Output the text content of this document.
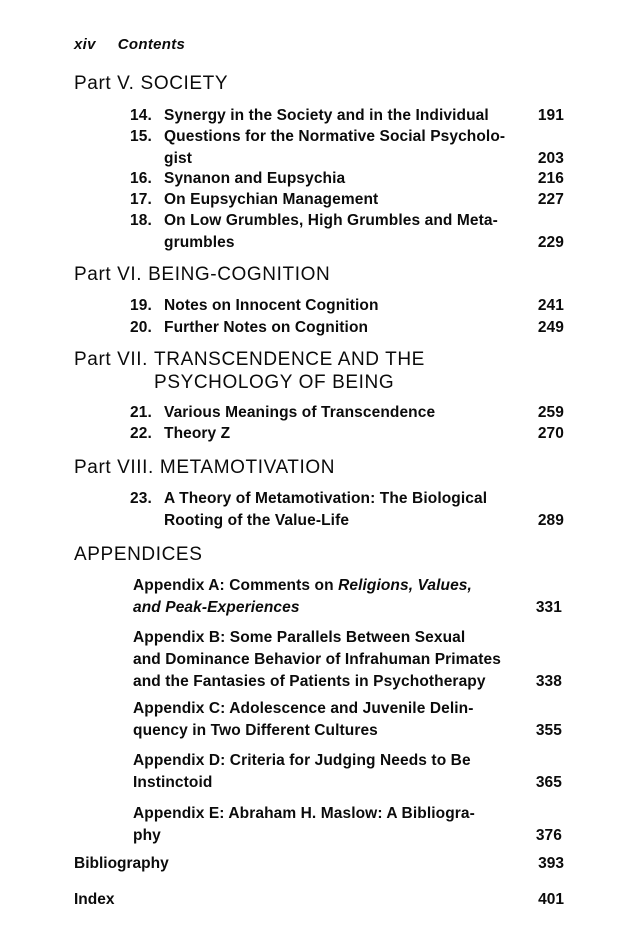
xiv Contents
Part V. SOCIETY
14. Synergy in the Society and in the Individual	191
15. Questions for the Normative Social Psycholo-
gist	203
16. Synanon and Eupsychia	216
17. On Eupsychian Management	227
18. On Low Grumbles, High Grumbles and Meta-
grumbles	229
Part VI. BEING-COGNITION
19. Notes on Innocent Cognition	241
20. Further Notes on Cognition	249
Part VII. TRANSCENDENCE AND THE
PSYCHOLOGY OF BEING
21. Various Meanings of Transcendence	259
22. Theory Z	270
Part VIII. METAMOTIVATION
23. A Theory of Metamotivation: The Biological
Rooting of the Value-Life	289
APPENDICES
Appendix A: Comments on Religions, Values,
and Peak-Experiences	331
Appendix B: Some Parallels Between Sexual
and Dominance Behavior of Infrahuman Primates
and the Fantasies of Patients in Psychotherapy	338
Appendix C: Adolescence and Juvenile Delin-
quency in Two Different Cultures	355
Appendix D: Criteria for Judging Needs to Be
Instinctoid	365
Appendix E: Abraham H. Maslow: A Bibliogra-
phy	376
Bibliography	393
Index	401
